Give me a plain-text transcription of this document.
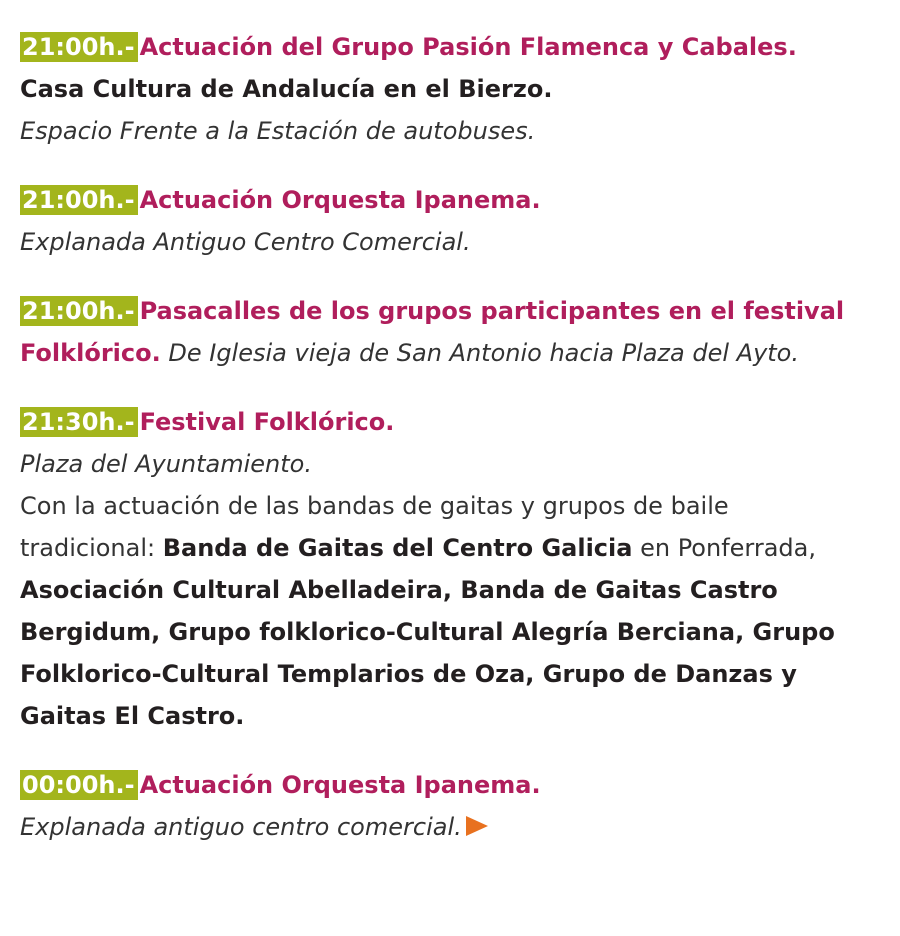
21:00h.- Actuación del Grupo Pasión Flamenca y Cabales.
Casa Cultura de Andalucía en el Bierzo.
Espacio Frente a la Estación de autobuses.
21:00h.- Actuación Orquesta Ipanema.
Explanada Antiguo Centro Comercial.
21:00h.- Pasacalles de los grupos participantes en el festival
Folklórico. De Iglesia vieja de San Antonio hacia Plaza del Ayto.
21:30h.- Festival Folklórico.
Plaza del Ayuntamiento.
Con la actuación de las bandas de gaitas y grupos de baile
tradicional: Banda de Gaitas del Centro Galicia en Ponferrada,
Asociación Cultural Abelladeira, Banda de Gaitas Castro
Bergidum, Grupo folklorico-Cultural Alegría Berciana, Grupo
Folklorico-Cultural Templarios de Oza, Grupo de Danzas y
Gaitas El Castro.
00:00h.- Actuación Orquesta Ipanema.
Explanada antiguo centro comercial.
